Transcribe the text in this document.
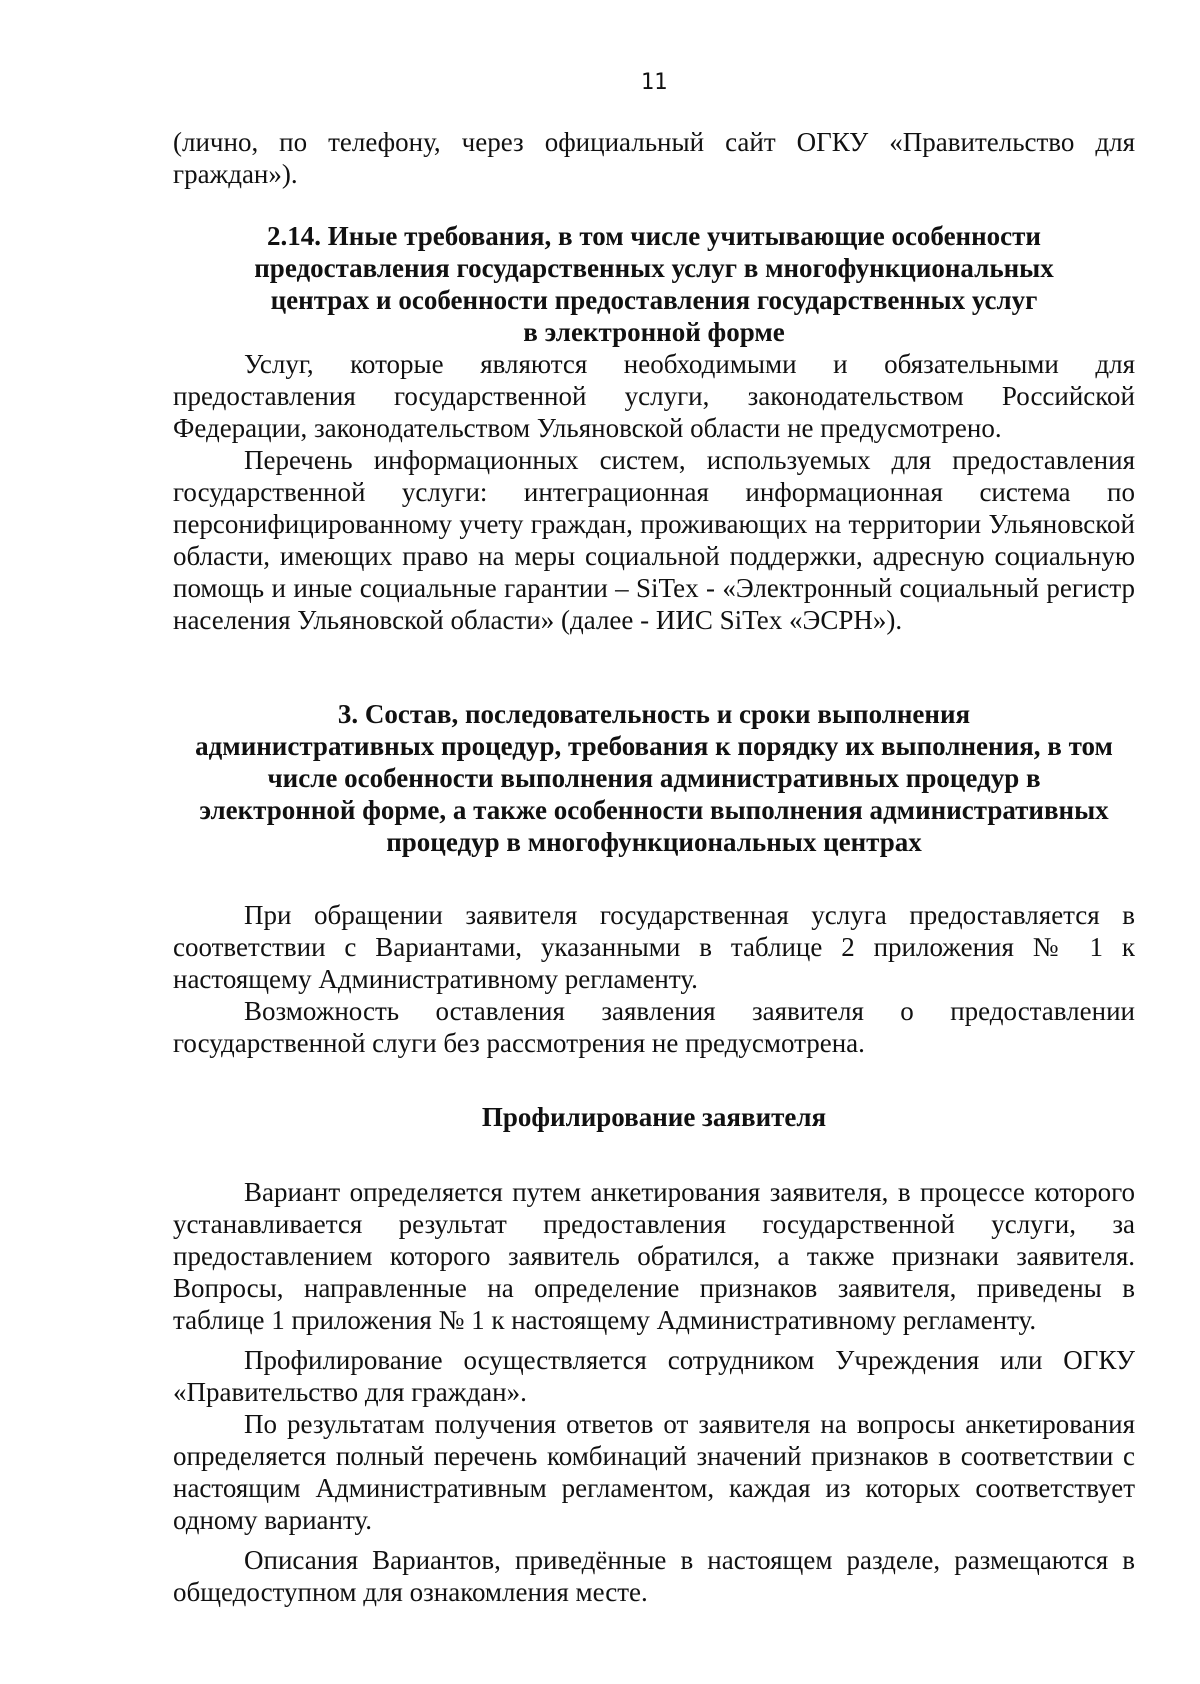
11

(лично, по телефону, через официальный сайт ОГКУ «Правительство для граждан»).

2.14. Иные требования, в том числе учитывающие особенности
предоставления государственных услуг в многофункциональных
центрах и особенности предоставления государственных услуг
в электронной форме

Услуг, которые являются необходимыми и обязательными для предоставления государственной услуги, законодательством Российской Федерации, законодательством Ульяновской области не предусмотрено.

Перечень информационных систем, используемых для предоставления государственной услуги: интеграционная информационная система по персонифицированному учету граждан, проживающих на территории Ульяновской области, имеющих право на меры социальной поддержки, адресную социальную помощь и иные социальные гарантии – SiTex - «Электронный социальный регистр населения Ульяновской области» (далее - ИИС SiTex «ЭСРН»).

3. Состав, последовательность и сроки выполнения
административных процедур, требования к порядку их выполнения, в том
числе особенности выполнения административных процедур в
электронной форме, а также особенности выполнения административных
процедур в многофункциональных центрах

При обращении заявителя государственная услуга предоставляется в соответствии с Вариантами, указанными в таблице 2 приложения № 1 к настоящему Административному регламенту.

Возможность оставления заявления заявителя о предоставлении государственной слуги без рассмотрения не предусмотрена.

Профилирование заявителя

Вариант определяется путем анкетирования заявителя, в процессе которого устанавливается результат предоставления государственной услуги, за предоставлением которого заявитель обратился, а также признаки заявителя. Вопросы, направленные на определение признаков заявителя, приведены в таблице 1 приложения № 1 к настоящему Административному регламенту.

Профилирование осуществляется сотрудником Учреждения или ОГКУ «Правительство для граждан».

По результатам получения ответов от заявителя на вопросы анкетирования определяется полный перечень комбинаций значений признаков в соответствии с настоящим Административным регламентом, каждая из которых соответствует одному варианту.

Описания Вариантов, приведённые в настоящем разделе, размещаются в общедоступном для ознакомления месте.
